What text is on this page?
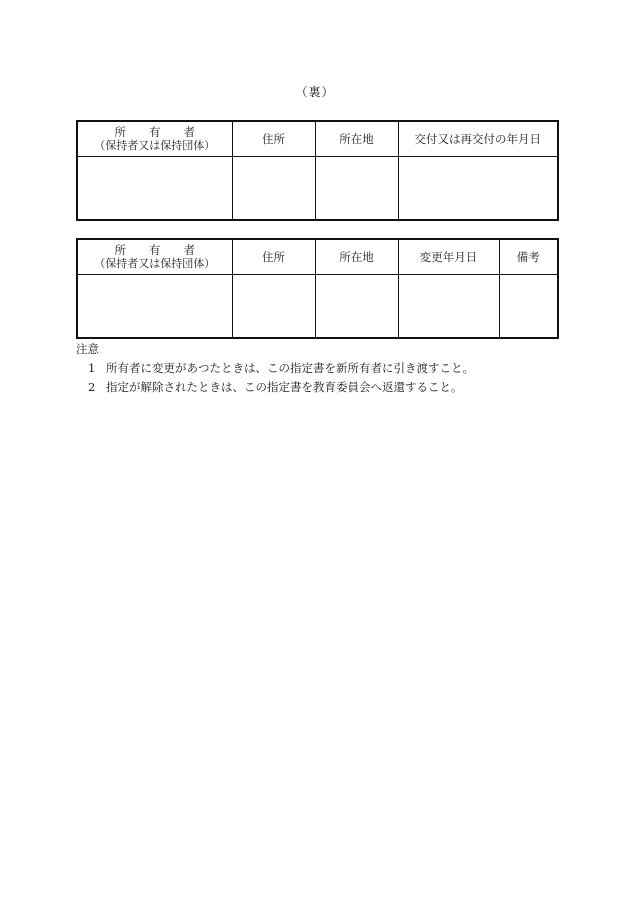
（裏）
所　　有　　者
（保持者又は保持団体）	住所	所在地	交付又は再交付の年月日

所　　有　　者
（保持者又は保持団体）	住所	所在地	変更年月日	備考

注意
1 所有者に変更があつたときは、この指定書を新所有者に引き渡すこと。
2 指定が解除されたときは、この指定書を教育委員会へ返還すること。
